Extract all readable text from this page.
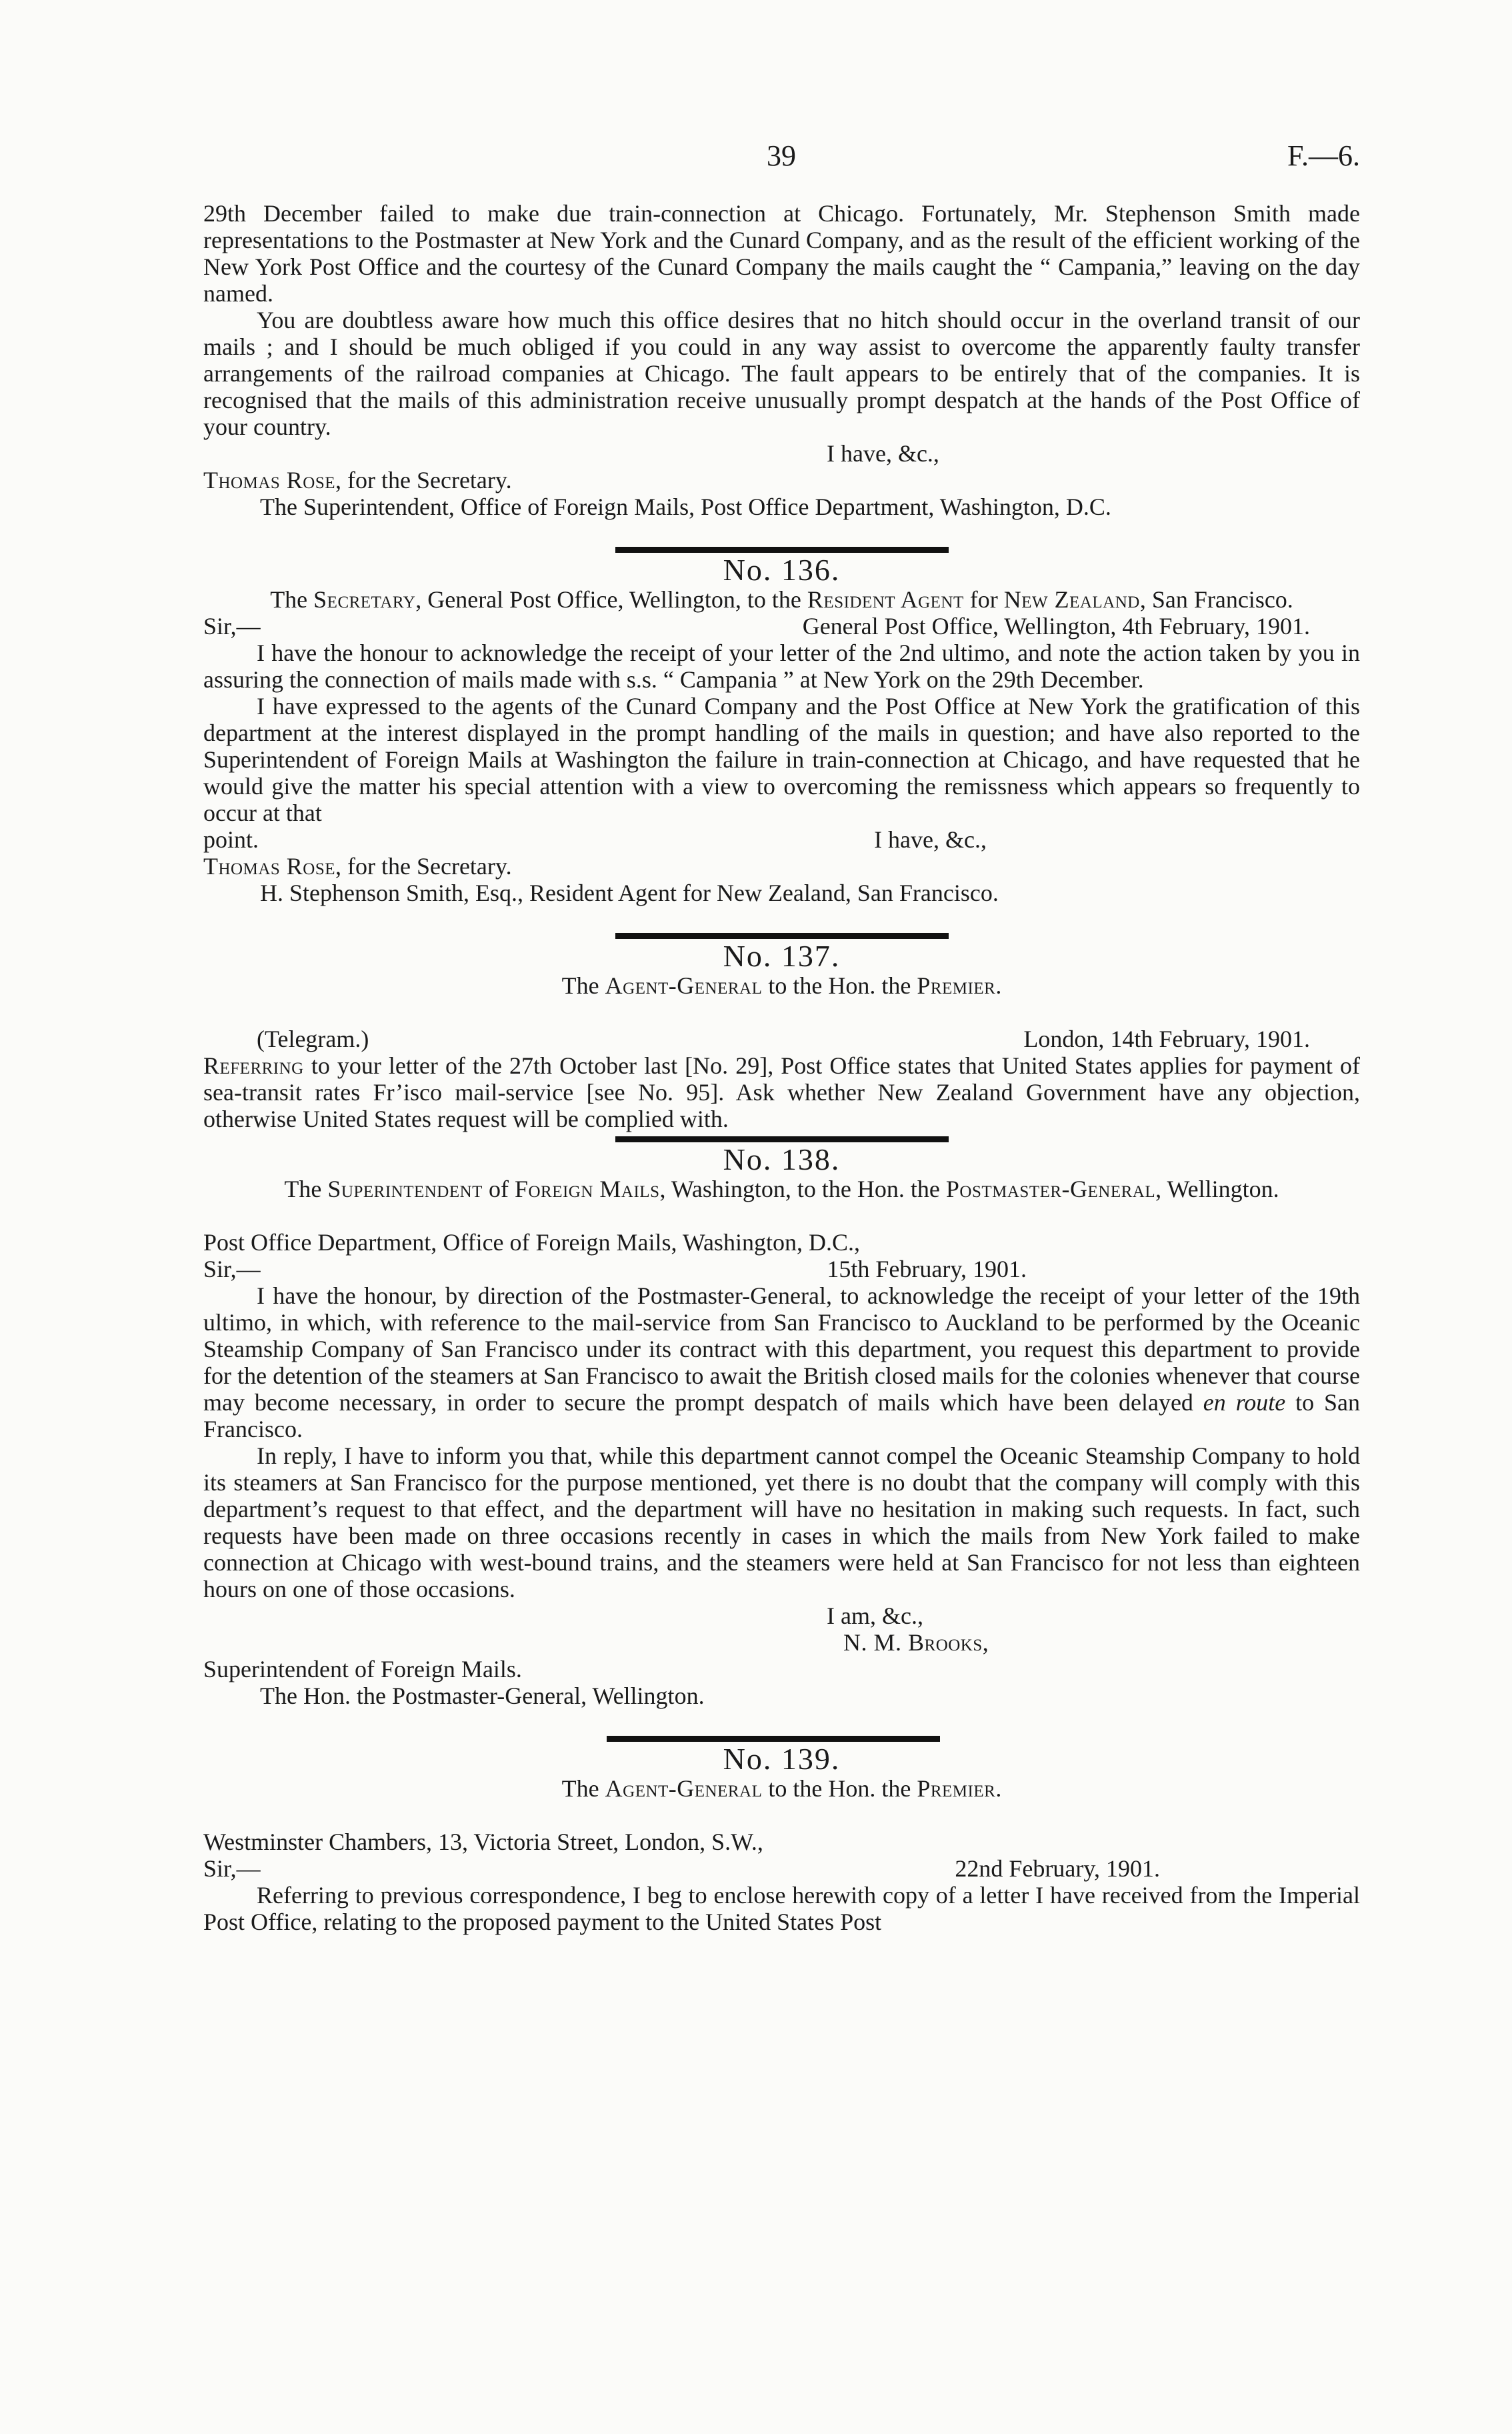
39	F.—6.

29th December failed to make due train-connection at Chicago. Fortunately, Mr. Stephenson Smith made representations to the Postmaster at New York and the Cunard Company, and as the result of the efficient working of the New York Post Office and the courtesy of the Cunard Company the mails caught the “ Campania,” leaving on the day named.

You are doubtless aware how much this office desires that no hitch should occur in the overland transit of our mails ; and I should be much obliged if you could in any way assist to overcome the apparently faulty transfer arrangements of the railroad companies at Chicago. The fault appears to be entirely that of the companies. It is recognised that the mails of this administration receive unusually prompt despatch at the hands of the Post Office of your country.

I have, &c.,

Thomas Rose, for the Secretary.

The Superintendent, Office of Foreign Mails, Post Office Department, Washington, D.C.

No. 136.

The Secretary, General Post Office, Wellington, to the Resident Agent for New Zealand, San Francisco.

Sir,—	General Post Office, Wellington, 4th February, 1901.

I have the honour to acknowledge the receipt of your letter of the 2nd ultimo, and note the action taken by you in assuring the connection of mails made with s.s. “ Campania ” at New York on the 29th December.

I have expressed to the agents of the Cunard Company and the Post Office at New York the gratification of this department at the interest displayed in the prompt handling of the mails in question; and have also reported to the Superintendent of Foreign Mails at Washington the failure in train-connection at Chicago, and have requested that he would give the matter his special attention with a view to overcoming the remissness which appears so frequently to occur at that

point.	I have, &c.,

Thomas Rose, for the Secretary.

H. Stephenson Smith, Esq., Resident Agent for New Zealand, San Francisco.

No. 137.

The Agent-General to the Hon. the Premier.

(Telegram.)	London, 14th February, 1901.

Referring to your letter of the 27th October last [No. 29], Post Office states that United States applies for payment of sea-transit rates Fr’isco mail-service [see No. 95]. Ask whether New Zealand Government have any objection, otherwise United States request will be complied with.

No. 138.

The Superintendent of Foreign Mails, Washington, to the Hon. the Postmaster-General, Wellington.

Post Office Department, Office of Foreign Mails, Washington, D.C.,

Sir,—	15th February, 1901.

I have the honour, by direction of the Postmaster-General, to acknowledge the receipt of your letter of the 19th ultimo, in which, with reference to the mail-service from San Francisco to Auckland to be performed by the Oceanic Steamship Company of San Francisco under its contract with this department, you request this department to provide for the detention of the steamers at San Francisco to await the British closed mails for the colonies whenever that course may become necessary, in order to secure the prompt despatch of mails which have been delayed en route to San Francisco.

In reply, I have to inform you that, while this department cannot compel the Oceanic Steamship Company to hold its steamers at San Francisco for the purpose mentioned, yet there is no doubt that the company will comply with this department’s request to that effect, and the department will have no hesitation in making such requests. In fact, such requests have been made on three occasions recently in cases in which the mails from New York failed to make connection at Chicago with west-bound trains, and the steamers were held at San Francisco for not less than eighteen hours on one of those occasions.

I am, &c.,

N. M. Brooks,

Superintendent of Foreign Mails.

The Hon. the Postmaster-General, Wellington.

No. 139.

The Agent-General to the Hon. the Premier.

Westminster Chambers, 13, Victoria Street, London, S.W.,

Sir,—	22nd February, 1901.

Referring to previous correspondence, I beg to enclose herewith copy of a letter I have received from the Imperial Post Office, relating to the proposed payment to the United States Post
